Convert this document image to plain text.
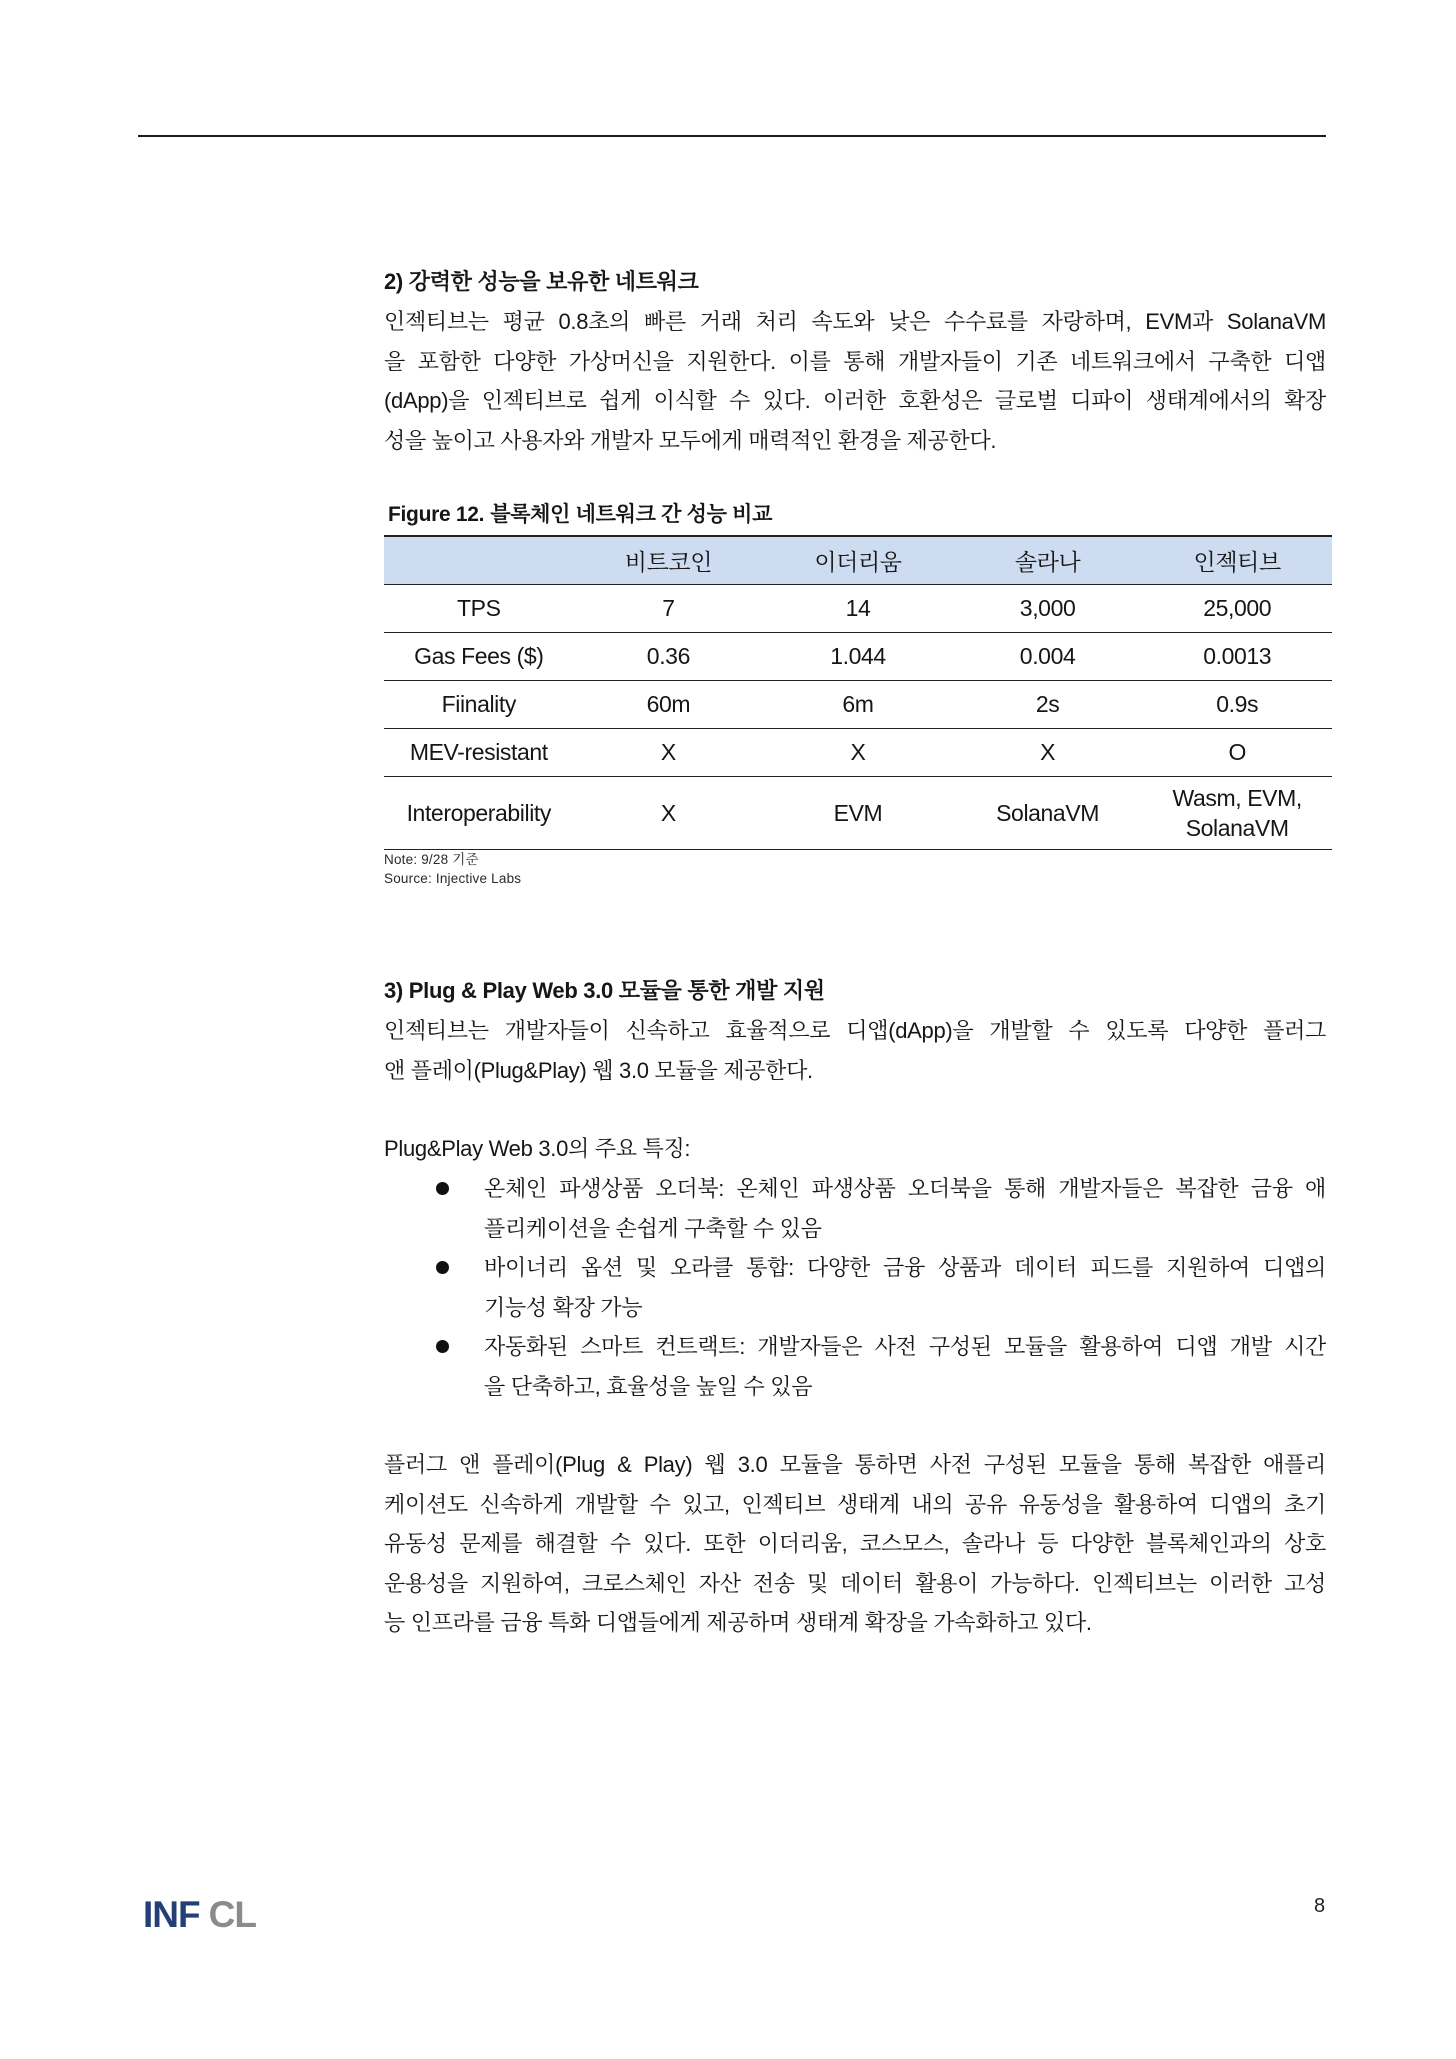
2) 강력한 성능을 보유한 네트워크
인젝티브는 평균 0.8초의 빠른 거래 처리 속도와 낮은 수수료를 자랑하며, EVM과 SolanaVM
을 포함한 다양한 가상머신을 지원한다. 이를 통해 개발자들이 기존 네트워크에서 구축한 디앱
(dApp)을 인젝티브로 쉽게 이식할 수 있다. 이러한 호환성은 글로벌 디파이 생태계에서의 확장
성을 높이고 사용자와 개발자 모두에게 매력적인 환경을 제공한다.
Figure 12. 블록체인 네트워크 간 성능 비교
	비트코인	이더리움	솔라나	인젝티브
TPS	7	14	3,000	25,000
Gas Fees ($)	0.36	1.044	0.004	0.0013
Fiinality	60m	6m	2s	0.9s
MEV-resistant	X	X	X	O
Interoperability	X	EVM	SolanaVM	Wasm, EVM,
SolanaVM
Note: 9/28 기준
Source: Injective Labs
3) Plug & Play Web 3.0 모듈을 통한 개발 지원
인젝티브는 개발자들이 신속하고 효율적으로 디앱(dApp)을 개발할 수 있도록 다양한 플러그
앤 플레이(Plug&Play) 웹 3.0 모듈을 제공한다.
Plug&Play Web 3.0의 주요 특징:
온체인 파생상품 오더북: 온체인 파생상품 오더북을 통해 개발자들은 복잡한 금융 애
플리케이션을 손쉽게 구축할 수 있음
바이너리 옵션 및 오라클 통합: 다양한 금융 상품과 데이터 피드를 지원하여 디앱의
기능성 확장 가능
자동화된 스마트 컨트랙트: 개발자들은 사전 구성된 모듈을 활용하여 디앱 개발 시간
을 단축하고, 효율성을 높일 수 있음
플러그 앤 플레이(Plug & Play) 웹 3.0 모듈을 통하면 사전 구성된 모듈을 통해 복잡한 애플리
케이션도 신속하게 개발할 수 있고, 인젝티브 생태계 내의 공유 유동성을 활용하여 디앱의 초기
유동성 문제를 해결할 수 있다. 또한 이더리움, 코스모스, 솔라나 등 다양한 블록체인과의 상호
운용성을 지원하여, 크로스체인 자산 전송 및 데이터 활용이 가능하다. 인젝티브는 이러한 고성
능 인프라를 금융 특화 디앱들에게 제공하며 생태계 확장을 가속화하고 있다.
INF CL	8
